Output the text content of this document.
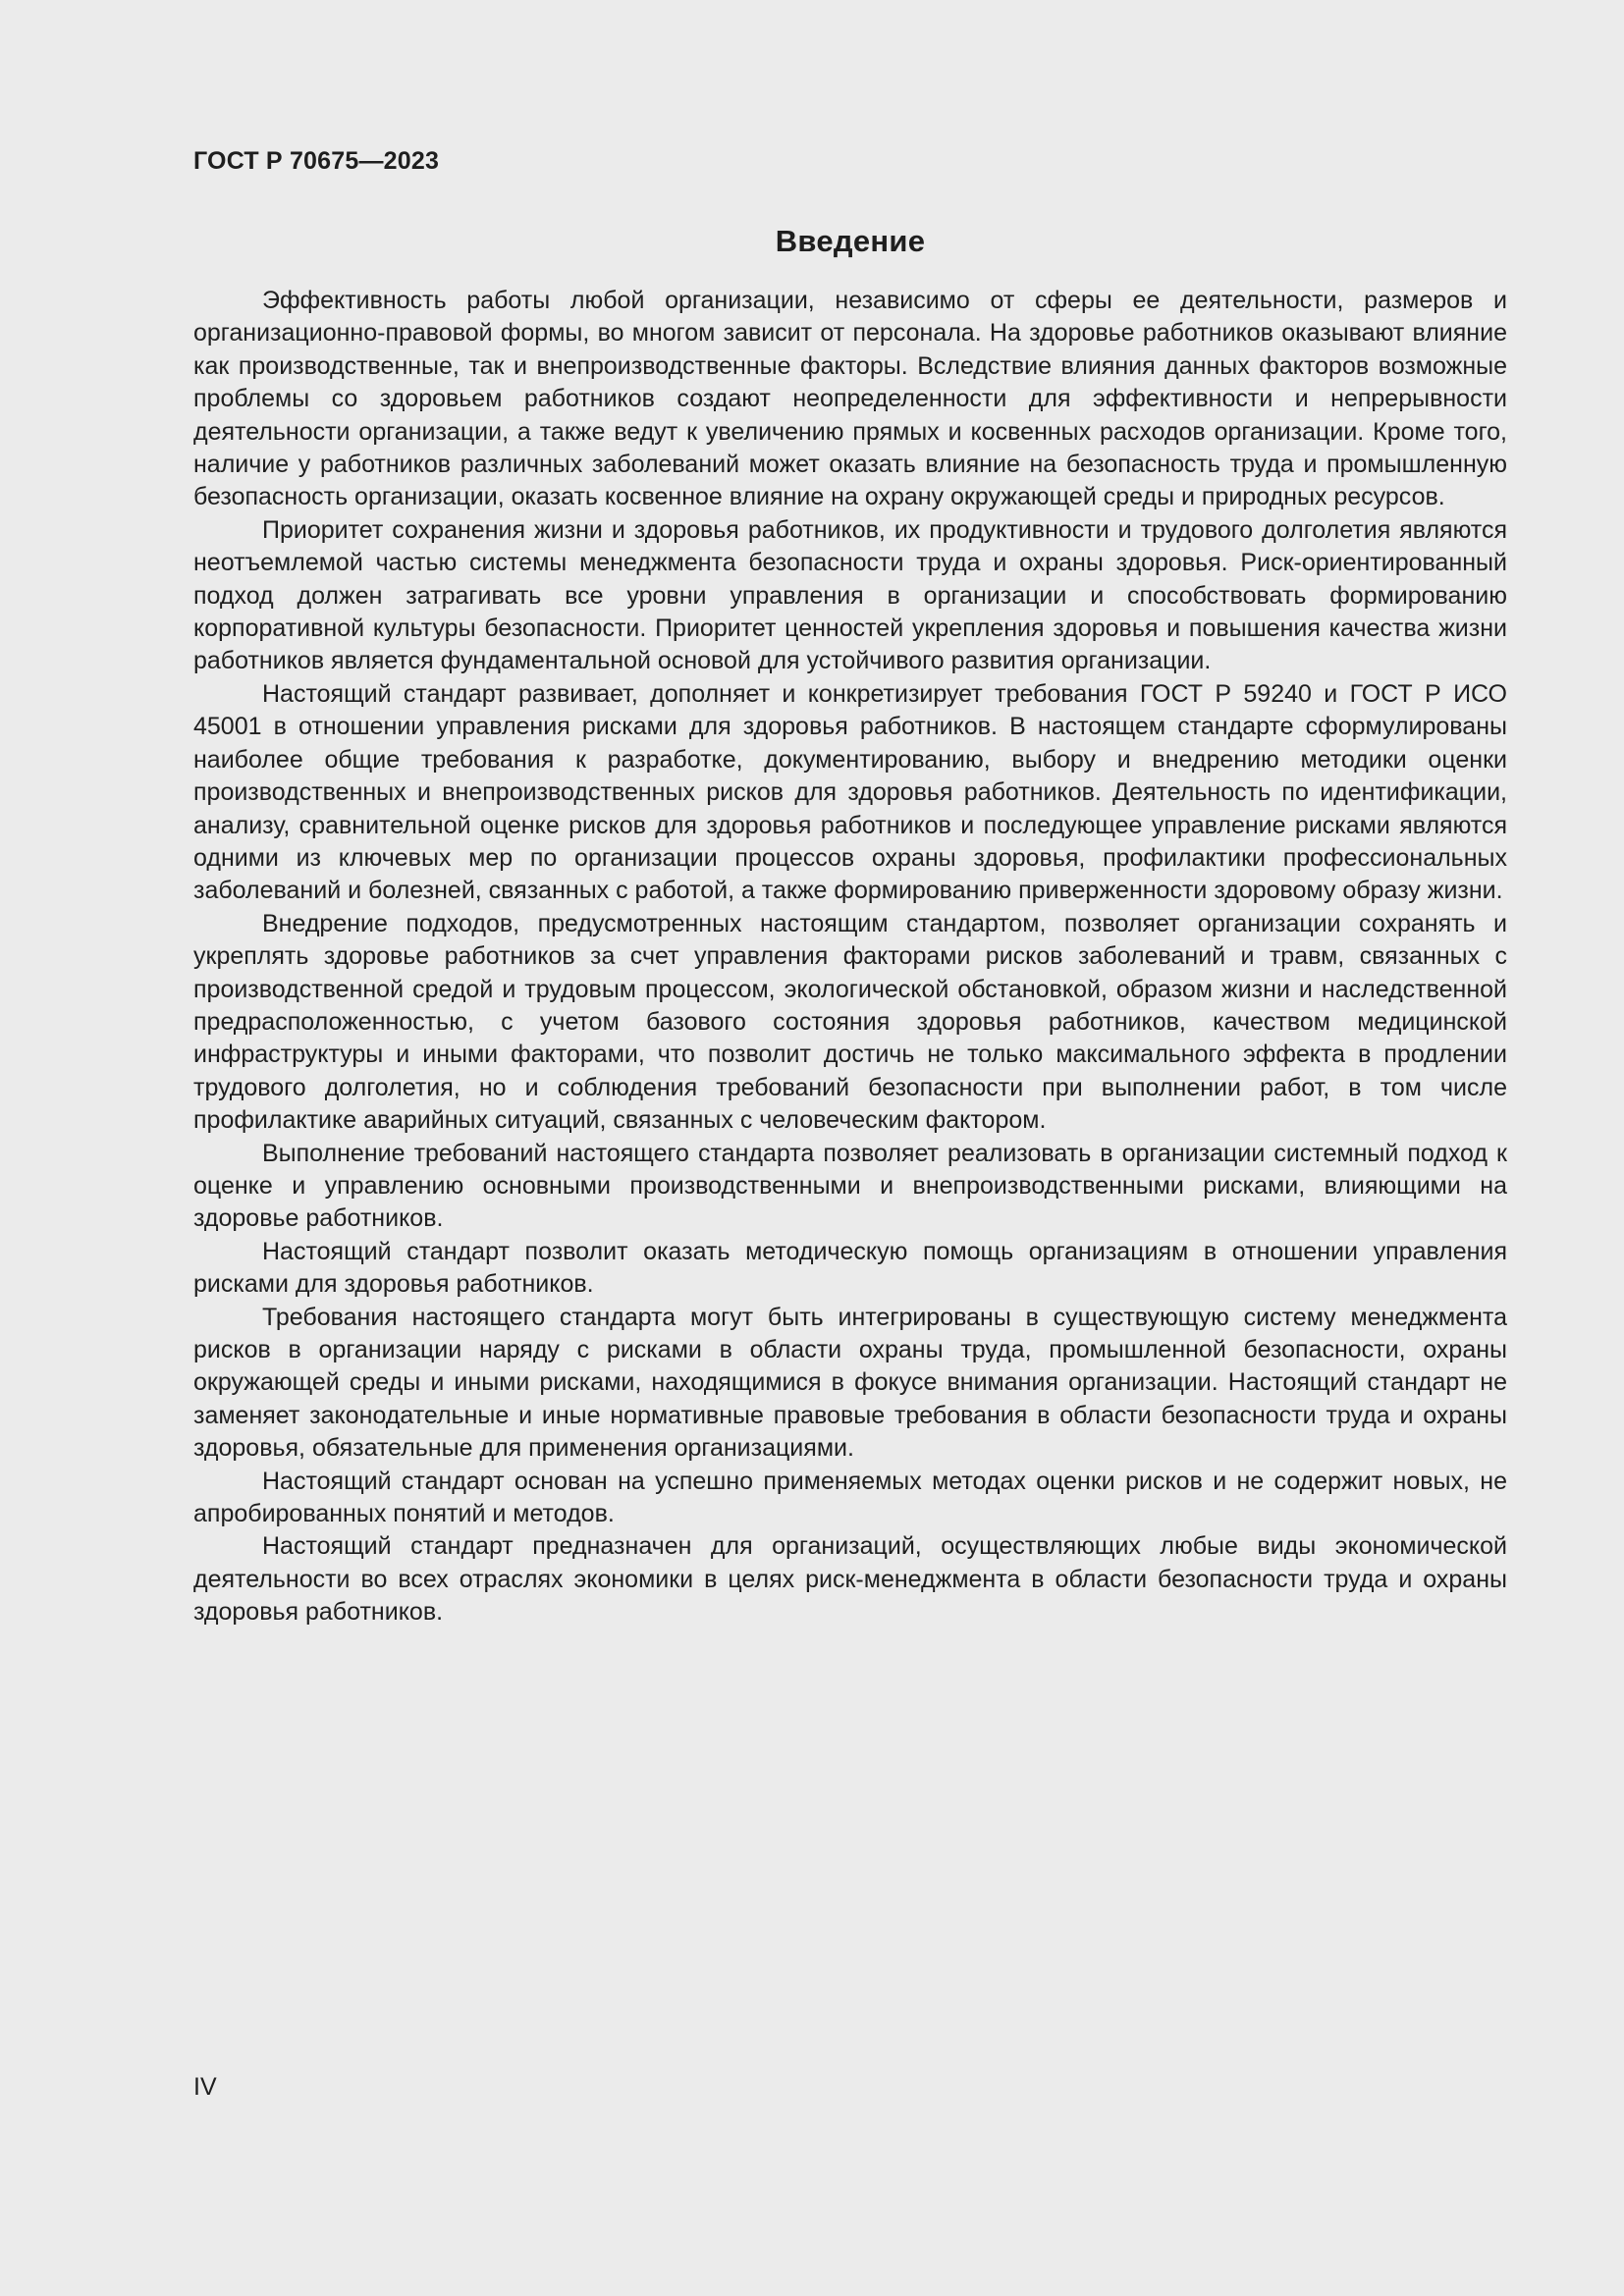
ГОСТ Р 70675—2023
Введение

Эффективность работы любой организации, независимо от сферы ее деятельности, размеров и организационно-правовой формы, во многом зависит от персонала. На здоровье работников оказывают влияние как производственные, так и внепроизводственные факторы. Вследствие влияния данных факторов возможные проблемы со здоровьем работников создают неопределенности для эффективности и непрерывности деятельности организации, а также ведут к увеличению прямых и косвенных расходов организации. Кроме того, наличие у работников различных заболеваний может оказать влияние на безопасность труда и промышленную безопасность организации, оказать косвенное влияние на охрану окружающей среды и природных ресурсов.

Приоритет сохранения жизни и здоровья работников, их продуктивности и трудового долголетия являются неотъемлемой частью системы менеджмента безопасности труда и охраны здоровья. Риск-ориентированный подход должен затрагивать все уровни управления в организации и способствовать формированию корпоративной культуры безопасности. Приоритет ценностей укрепления здоровья и повышения качества жизни работников является фундаментальной основой для устойчивого развития организации.

Настоящий стандарт развивает, дополняет и конкретизирует требования ГОСТ Р 59240 и ГОСТ Р ИСО 45001 в отношении управления рисками для здоровья работников. В настоящем стандарте сформулированы наиболее общие требования к разработке, документированию, выбору и внедрению методики оценки производственных и внепроизводственных рисков для здоровья работников. Деятельность по идентификации, анализу, сравнительной оценке рисков для здоровья работников и последующее управление рисками являются одними из ключевых мер по организации процессов охраны здоровья, профилактики профессиональных заболеваний и болезней, связанных с работой, а также формированию приверженности здоровому образу жизни.

Внедрение подходов, предусмотренных настоящим стандартом, позволяет организации сохранять и укреплять здоровье работников за счет управления факторами рисков заболеваний и травм, связанных с производственной средой и трудовым процессом, экологической обстановкой, образом жизни и наследственной предрасположенностью, с учетом базового состояния здоровья работников, качеством медицинской инфраструктуры и иными факторами, что позволит достичь не только максимального эффекта в продлении трудового долголетия, но и соблюдения требований безопасности при выполнении работ, в том числе профилактике аварийных ситуаций, связанных с человеческим фактором.

Выполнение требований настоящего стандарта позволяет реализовать в организации системный подход к оценке и управлению основными производственными и внепроизводственными рисками, влияющими на здоровье работников.

Настоящий стандарт позволит оказать методическую помощь организациям в отношении управления рисками для здоровья работников.

Требования настоящего стандарта могут быть интегрированы в существующую систему менеджмента рисков в организации наряду с рисками в области охраны труда, промышленной безопасности, охраны окружающей среды и иными рисками, находящимися в фокусе внимания организации. Настоящий стандарт не заменяет законодательные и иные нормативные правовые требования в области безопасности труда и охраны здоровья, обязательные для применения организациями.

Настоящий стандарт основан на успешно применяемых методах оценки рисков и не содержит новых, не апробированных понятий и методов.

Настоящий стандарт предназначен для организаций, осуществляющих любые виды экономической деятельности во всех отраслях экономики в целях риск-менеджмента в области безопасности труда и охраны здоровья работников.

IV
